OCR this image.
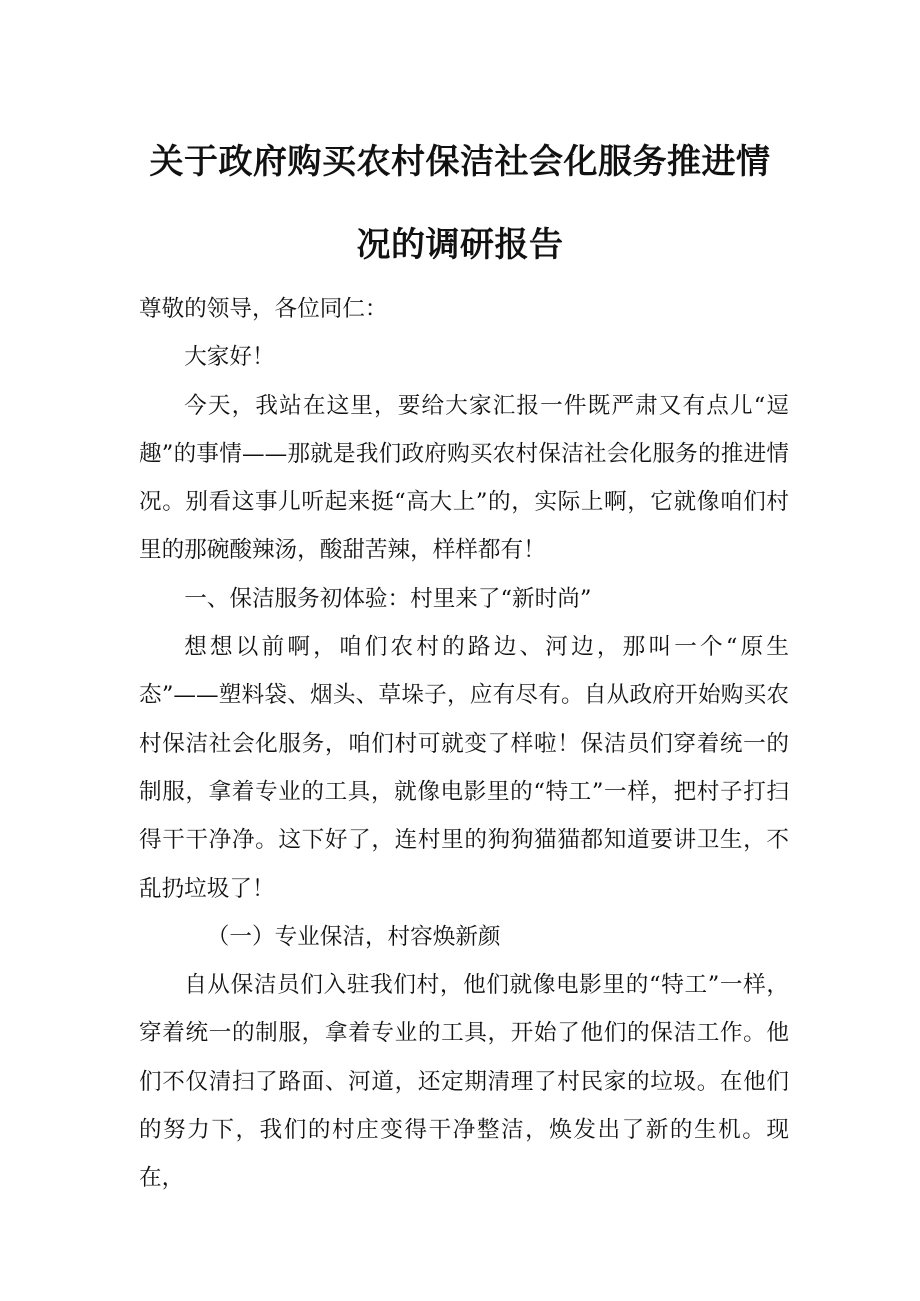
关于政府购买农村保洁社会化服务推进情
况的调研报告

尊敬的领导，各位同仁：

大家好！

今天，我站在这里，要给大家汇报一件既严肃又有点儿“逗趣”的事情——那就是我们政府购买农村保洁社会化服务的推进情况。别看这事儿听起来挺“高大上”的，实际上啊，它就像咱们村里的那碗酸辣汤，酸甜苦辣，样样都有！

一、保洁服务初体验：村里来了“新时尚”

想想以前啊，咱们农村的路边、河边，那叫一个“原生态”——塑料袋、烟头、草垛子，应有尽有。自从政府开始购买农村保洁社会化服务，咱们村可就变了样啦！保洁员们穿着统一的制服，拿着专业的工具，就像电影里的“特工”一样，把村子打扫得干干净净。这下好了，连村里的狗狗猫猫都知道要讲卫生，不乱扔垃圾了！

（一）专业保洁，村容焕新颜

自从保洁员们入驻我们村，他们就像电影里的“特工”一样，穿着统一的制服，拿着专业的工具，开始了他们的保洁工作。他们不仅清扫了路面、河道，还定期清理了村民家的垃圾。在他们的努力下，我们的村庄变得干净整洁，焕发出了新的生机。现在，
